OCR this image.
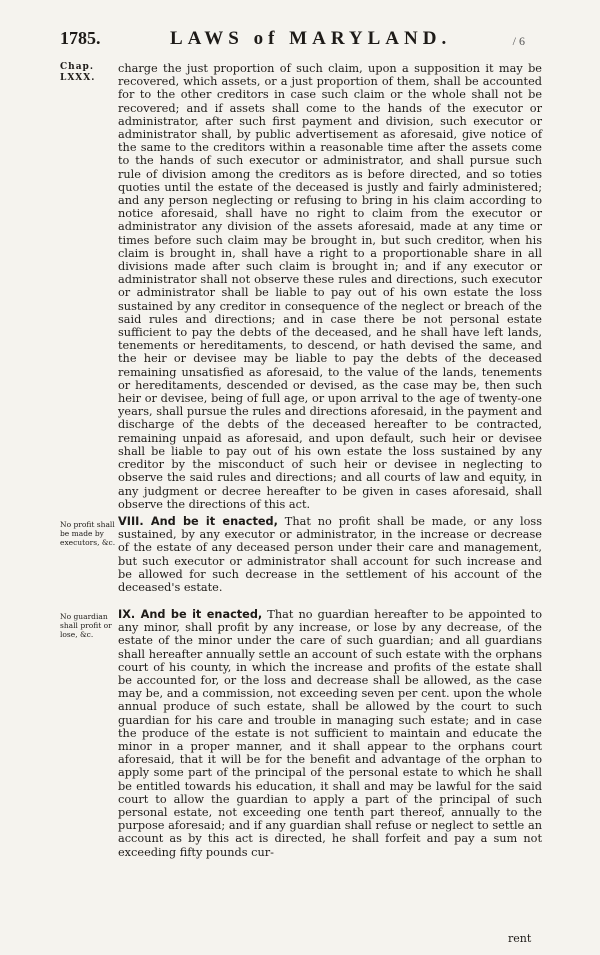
1785.	LAWS of MARYLAND.	/ 6
Chap.
LXXX.

charge the just proportion of such claim, upon a supposition it may be recovered, which assets, or a just proportion of them, shall be accounted for to the other creditors in case such claim or the whole shall not be recovered; and if assets shall come to the hands of the executor or administrator, after such first payment and division, such executor or administrator shall, by public advertisement as aforesaid, give notice of the same to the creditors within a reasonable time after the assets come to the hands of such executor or administrator, and shall pursue such rule of division among the creditors as is before directed, and so toties quoties until the estate of the deceased is justly and fairly administered; and any person neglecting or refusing to bring in his claim according to notice aforesaid, shall have no right to claim from the executor or administrator any division of the assets aforesaid, made at any time or times before such claim may be brought in, but such creditor, when his claim is brought in, shall have a right to a proportionable share in all divisions made after such claim is brought in; and if any executor or administrator shall not observe these rules and directions, such executor or administrator shall be liable to pay out of his own estate the loss sustained by any creditor in consequence of the neglect or breach of the said rules and directions; and in case there be not personal estate sufficient to pay the debts of the deceased, and he shall have left lands, tenements or hereditaments, to descend, or hath devised the same, and the heir or devisee may be liable to pay the debts of the deceased remaining unsatisfied as aforesaid, to the value of the lands, tenements or hereditaments, descended or devised, as the case may be, then such heir or devisee, being of full age, or upon arrival to the age of twenty-one years, shall pursue the rules and directions aforesaid, in the payment and discharge of the debts of the deceased hereafter to be contracted, remaining unpaid as aforesaid, and upon default, such heir or devisee shall be liable to pay out of his own estate the loss sustained by any creditor by the misconduct of such heir or devisee in neglecting to observe the said rules and directions; and all courts of law and equity, in any judgment or decree hereafter to be given in cases aforesaid, shall observe the directions of this act.

No profit shall be made by executors, &c.

VIII. And be it enacted, That no profit shall be made, or any loss sustained, by any executor or administrator, in the increase or decrease of the estate of any deceased person under their care and management, but such executor or administrator shall account for such increase and be allowed for such decrease in the settlement of his account of the deceased's estate.

No guardian shall profit or lose, &c.

IX. And be it enacted, That no guardian hereafter to be appointed to any minor, shall profit by any increase, or lose by any decrease, of the estate of the minor under the care of such guardian; and all guardians shall hereafter annually settle an account of such estate with the orphans court of his county, in which the increase and profits of the estate shall be accounted for, or the loss and decrease shall be allowed, as the case may be, and a commission, not exceeding seven per cent. upon the whole annual produce of such estate, shall be allowed by the court to such guardian for his care and trouble in managing such estate; and in case the produce of the estate is not sufficient to maintain and educate the minor in a proper manner, and it shall appear to the orphans court aforesaid, that it will be for the benefit and advantage of the orphan to apply some part of the principal of the personal estate to which he shall be entitled towards his education, it shall and may be lawful for the said court to allow the guardian to apply a part of the principal of such personal estate, not exceeding one tenth part thereof, annually to the purpose aforesaid; and if any guardian shall refuse or neglect to settle an account as by this act is directed, he shall forfeit and pay a sum not exceeding fifty pounds cur-

rent
